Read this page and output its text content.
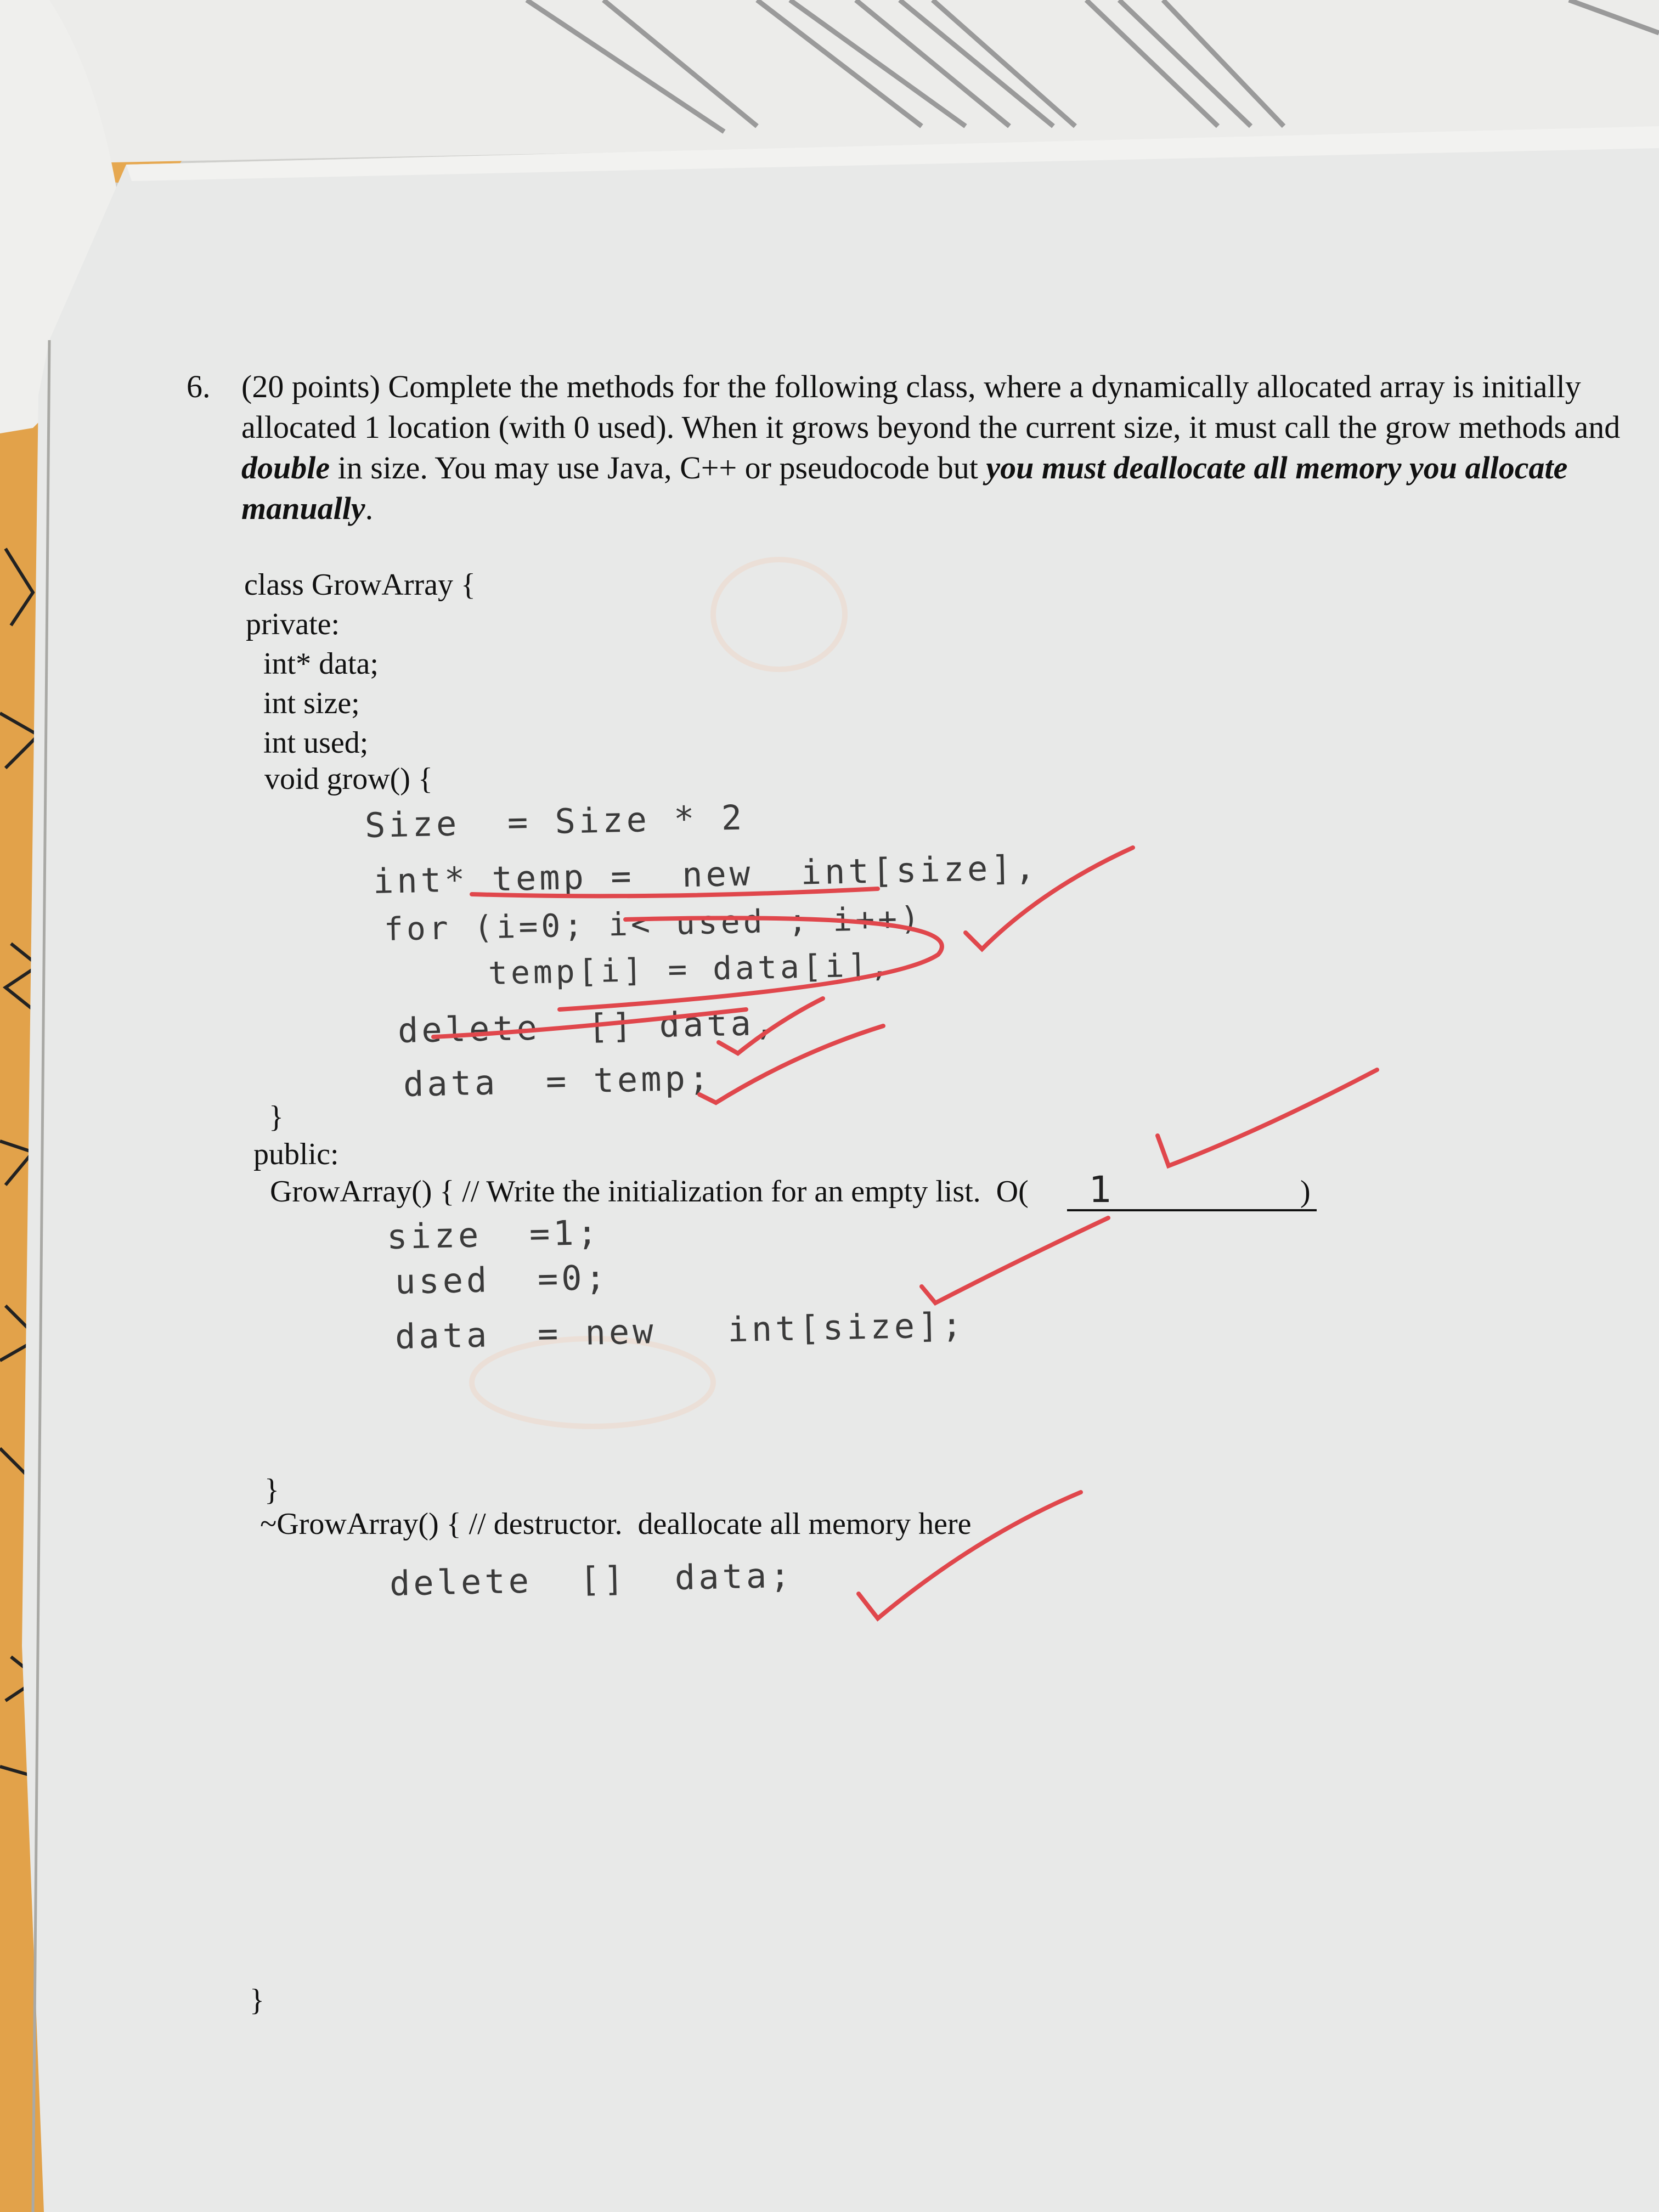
6. (20 points) Complete the methods for the following class, where a dynamically allocated array is initially allocated 1 location (with 0 used). When it grows beyond the current size, it must call the grow methods and double in size. You may use Java, C++ or pseudocode but you must deallocate all memory you allocate manually.
class GrowArray {
private:
int* data;
int size;
int used;
void grow() {
}
public:
GrowArray() { // Write the initialization for an empty list.  O(	)
}
~GrowArray() { // destructor.  deallocate all memory here
}
1
Size  = Size * 2
int* temp =  new  int[size],
for (i=0; i< used ; i++)
temp[i] = data[i],
delete  [] data,
data  = temp;
size  =1;
used  =0;
data  = new   int[size];
delete  []  data;
